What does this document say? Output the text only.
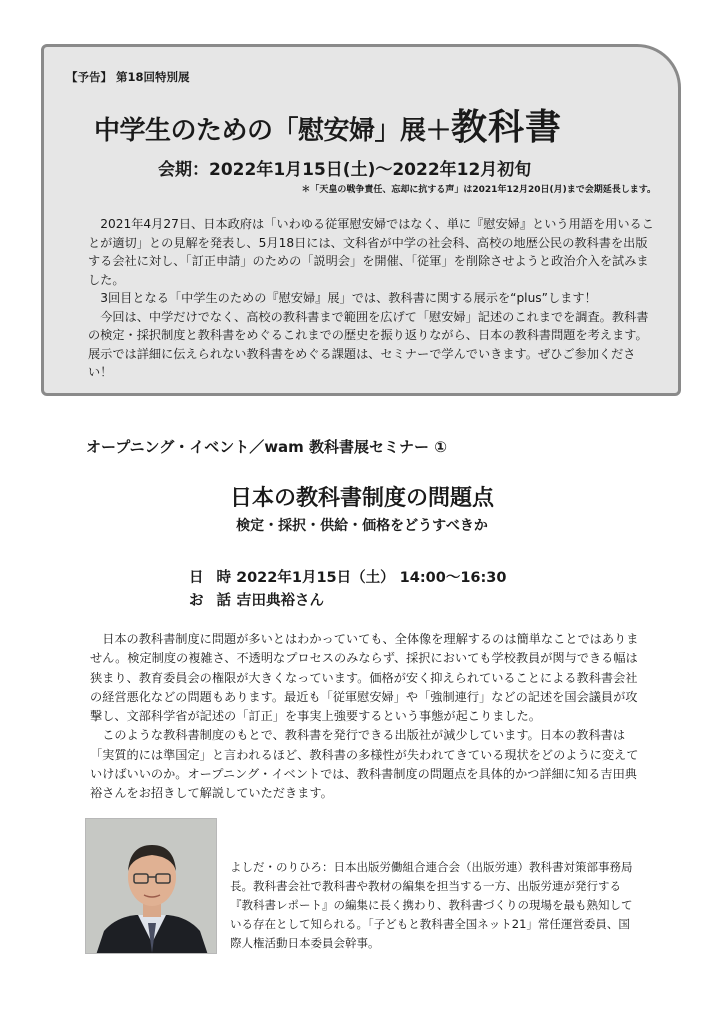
【予告】 第18回特別展
中学生のための「慰安婦」展＋教科書
会期：2022年1月15日(土)〜2022年12月初旬
＊「天皇の戦争責任、忘却に抗する声」は2021年12月20日(月)まで会期延長します。

2021年4月27日、日本政府は「いわゆる従軍慰安婦ではなく、単に『慰安婦』という用語を用いることが適切」との見解を発表し、5月18日には、文科省が中学の社会科、高校の地歴公民の教科書を出版する会社に対し、「訂正申請」のための「説明会」を開催、「従軍」を削除させようと政治介入を試みました。

3回目となる「中学生のための『慰安婦』展」では、教科書に関する展示を“plus”します！

今回は、中学だけでなく、高校の教科書まで範囲を広げて「慰安婦」記述のこれまでを調査。教科書の検定・採択制度と教科書をめぐるこれまでの歴史を振り返りながら、日本の教科書問題を考えます。展示では詳細に伝えられない教科書をめぐる課題は、セミナーで学んでいきます。ぜひご参加ください！

オープニング・イベント／wam 教科書展セミナー ①
日本の教科書制度の問題点
検定・採択・供給・価格をどうすべきか
日 時：2022年1月15日（土） 14:00〜16:30
お 話：吉田典裕さん

日本の教科書制度に問題が多いとはわかっていても、全体像を理解するのは簡単なことではありません。検定制度の複雑さ、不透明なプロセスのみならず、採択においても学校教員が関与できる幅は狭まり、教育委員会の権限が大きくなっています。価格が安く抑えられていることによる教科書会社の経営悪化などの問題もあります。最近も「従軍慰安婦」や「強制連行」などの記述を国会議員が攻撃し、文部科学省が記述の「訂正」を事実上強要するという事態が起こりました。

このような教科書制度のもとで、教科書を発行できる出版社が減少しています。日本の教科書は「実質的には準国定」と言われるほど、教科書の多様性が失われてきている現状をどのように変えていけばいいのか。オープニング・イベントでは、教科書制度の問題点を具体的かつ詳細に知る吉田典裕さんをお招きして解説していただきます。

よしだ・のりひろ：日本出版労働組合連合会（出版労連）教科書対策部事務局長。教科書会社で教科書や教材の編集を担当する一方、出版労連が発行する『教科書レポート』の編集に長く携わり、教科書づくりの現場を最も熟知している存在として知られる。「子どもと教科書全国ネット21」常任運営委員、国際人権活動日本委員会幹事。
